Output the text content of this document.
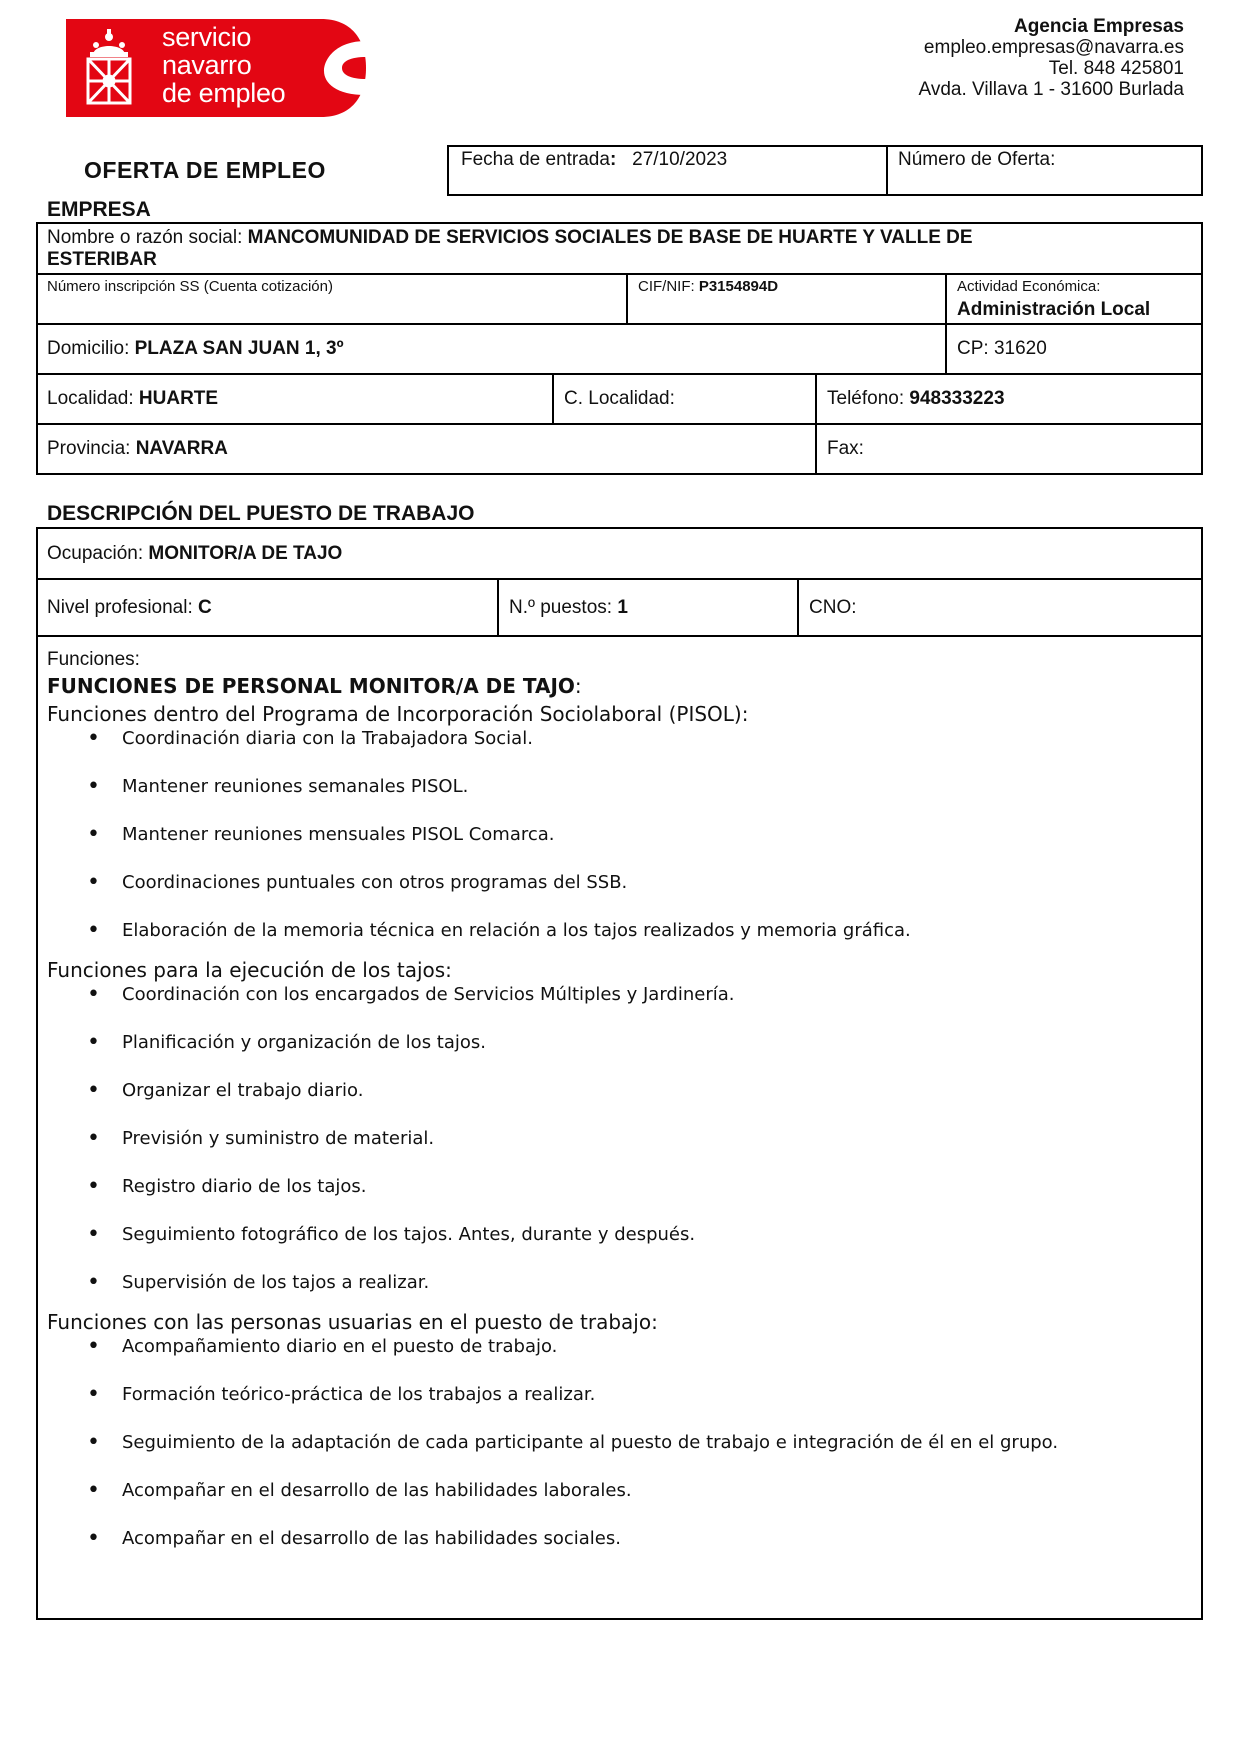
servicio
navarro
de empleo
Agencia Empresas
empleo.empresas@navarra.es
Tel. 848 425801
Avda. Villava 1 - 31600 Burlada
OFERTA DE EMPLEO	Fecha de entrada: 27/10/2023	Número de Oferta:
EMPRESA
Nombre o razón social: MANCOMUNIDAD DE SERVICIOS SOCIALES DE BASE DE HUARTE Y VALLE DE
ESTERIBAR
Número inscripción SS (Cuenta cotización)	CIF/NIF: P3154894D	Actividad Económica:
Administración Local
Domicilio: PLAZA SAN JUAN 1, 3º	CP: 31620
Localidad: HUARTE	C. Localidad:	Teléfono: 948333223
Provincia: NAVARRA	Fax:
DESCRIPCIÓN DEL PUESTO DE TRABAJO
Ocupación: MONITOR/A DE TAJO
Nivel profesional: C	N.º puestos: 1	CNO:
Funciones:
FUNCIONES DE PERSONAL MONITOR/A DE TAJO:
Funciones dentro del Programa de Incorporación Sociolaboral (PISOL):
• Coordinación diaria con la Trabajadora Social.
• Mantener reuniones semanales PISOL.
• Mantener reuniones mensuales PISOL Comarca.
• Coordinaciones puntuales con otros programas del SSB.
• Elaboración de la memoria técnica en relación a los tajos realizados y memoria gráfica.
Funciones para la ejecución de los tajos:
• Coordinación con los encargados de Servicios Múltiples y Jardinería.
• Planificación y organización de los tajos.
• Organizar el trabajo diario.
• Previsión y suministro de material.
• Registro diario de los tajos.
• Seguimiento fotográfico de los tajos. Antes, durante y después.
• Supervisión de los tajos a realizar.
Funciones con las personas usuarias en el puesto de trabajo:
• Acompañamiento diario en el puesto de trabajo.
• Formación teórico-práctica de los trabajos a realizar.
• Seguimiento de la adaptación de cada participante al puesto de trabajo e integración de él en el grupo.
• Acompañar en el desarrollo de las habilidades laborales.
• Acompañar en el desarrollo de las habilidades sociales.
